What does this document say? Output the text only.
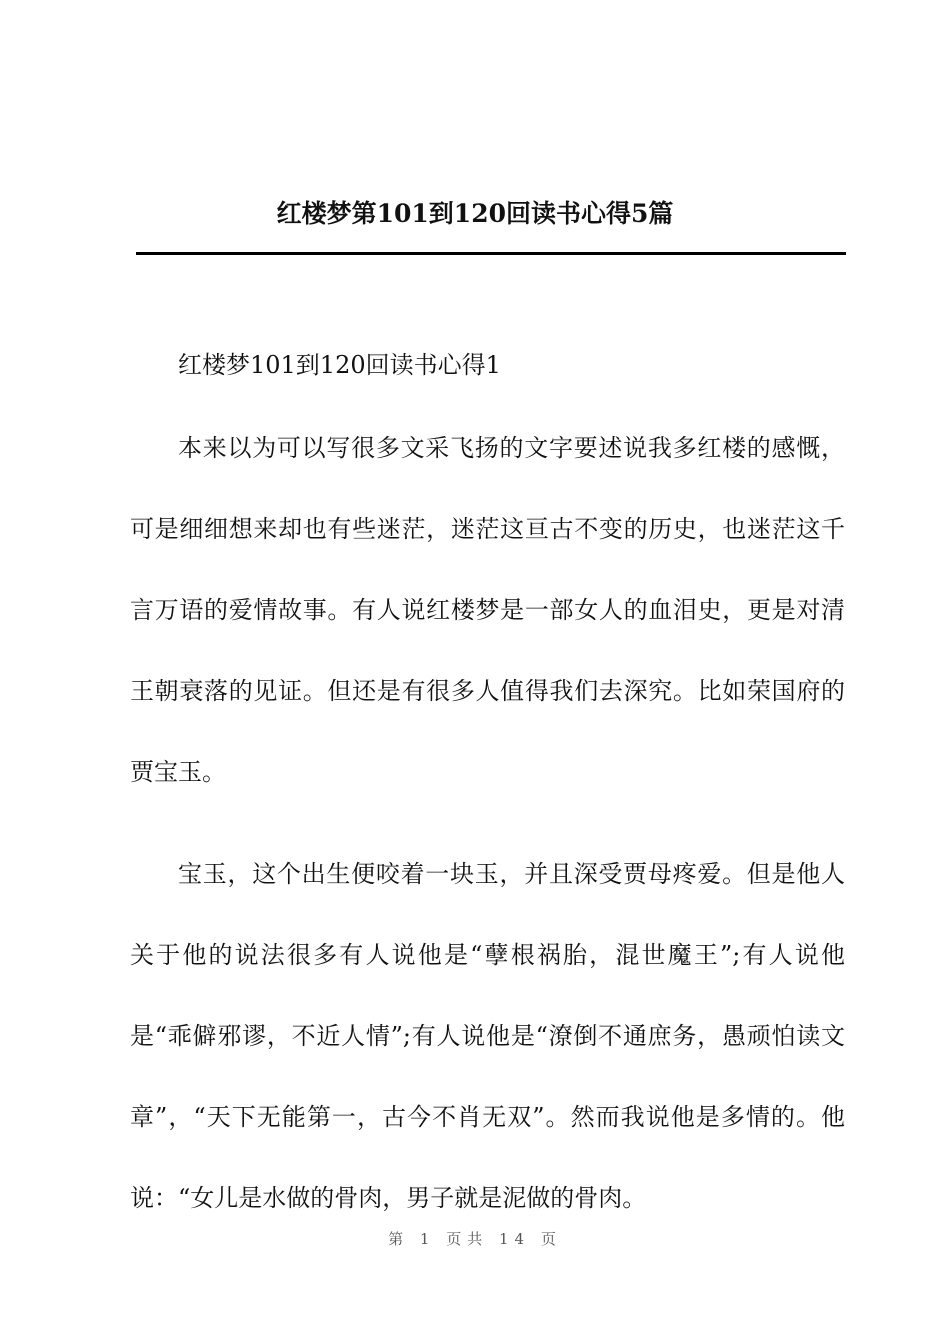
红楼梦第101到120回读书心得5篇

红楼梦101到120回读书心得1

本来以为可以写很多文采飞扬的文字要述说我多红楼的感慨，可是细细想来却也有些迷茫，迷茫这亘古不变的历史，也迷茫这千言万语的爱情故事。有人说红楼梦是一部女人的血泪史，更是对清王朝衰落的见证。但还是有很多人值得我们去深究。比如荣国府的贾宝玉。

宝玉，这个出生便咬着一块玉，并且深受贾母疼爱。但是他人关于他的说法很多有人说他是“孽根祸胎，混世魔王”;有人说他是“乖僻邪谬，不近人情”;有人说他是“潦倒不通庶务，愚顽怕读文章”，“天下无能第一，古今不肖无双”。然而我说他是多情的。他说：“女儿是水做的骨肉，男子就是泥做的骨肉。

第 1 页共 14 页
